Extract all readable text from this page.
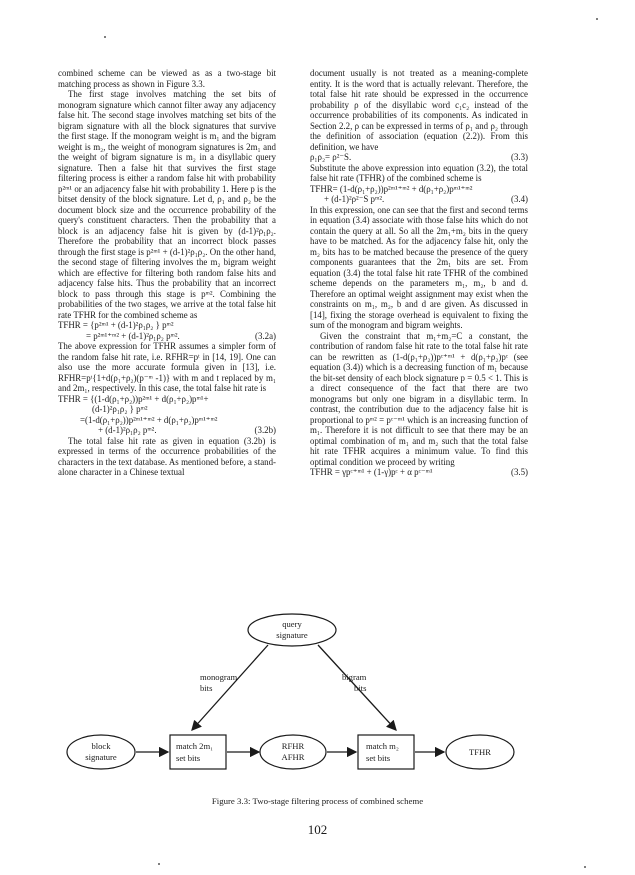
combined scheme can be viewed as as a two-stage bit matching process as shown in Figure 3.3.

The first stage involves matching the set bits of monogram signature which cannot filter away any adjacency false hit. The second stage involves matching set bits of the bigram signature with all the block signatures that survive the first stage. If the monogram weight is m₁ and the bigram weight is m₂, the weight of monogram signatures is 2m₁ and the weight of bigram signature is m₂ in a disyllabic query signature. Then a false hit that survives the first stage filtering process is either a random false hit with probability p²ᵐ¹ or an adjacency false hit with probability 1. Here p is the bitset density of the block signature. Let d, ρ₁ and ρ₂ be the document block size and the occurrence probability of the query's constituent characters. Then the probability that a block is an adjacency false hit is given by (d-1)²ρ₁ρ₂. Therefore the probability that an incorrect block passes through the first stage is p²ᵐ¹ + (d-1)²ρ₁ρ₂. On the other hand, the second stage of filtering involves the m₂ bigram weight which are effective for filtering both random false hits and adjacency false hits. Thus the probability that an incorrect block to pass through this stage is pᵐ². Combining the probabilities of the two stages, we arrive at the total false hit rate TFHR for the combined scheme as

TFHR = {p²ᵐ¹ + (d-1)²ρ₁ρ₂ } pᵐ²

= p²ᵐ¹⁺ᵐ² + (d-1)²ρ₁ρ₂ pᵐ².	(3.2a)

The above expression for TFHR assumes a simpler form of the random false hit rate, i.e. RFHR=pᵗ in [14, 19]. One can also use the more accurate formula given in [13], i.e. RFHR=pᵗ{1+d(ρ₁+ρ₂)(p⁻ᵐ -1)} with m and t replaced by m₁ and 2m₁, respectively. In this case, the total false hit rate is

TFHR = {(1-d(ρ₁+ρ₂))p²ᵐ¹ + d(ρ₁+ρ₂)pᵐ¹+

(d-1)²ρ₁ρ₂ } pᵐ²

=(1-d(ρ₁+ρ₂))p²ᵐ¹⁺ᵐ² + d(ρ₁+ρ₂)pᵐ¹⁺ᵐ²

+ (d-1)²ρ₁ρ₂ pᵐ².	(3.2b)

The total false hit rate as given in equation (3.2b) is expressed in terms of the occurrence probabilities of the characters in the text database. As mentioned before, a stand-alone character in a Chinese textual

document usually is not treated as a meaning-complete entity. It is the word that is actually relevant. Therefore, the total false hit rate should be expressed in the occurrence probability ρ of the disyllabic word c₁c₂ instead of the occurrence probabilities of its components. As indicated in Section 2.2, ρ can be expressed in terms of ρ₁ and ρ₂ through the definition of association (equation (2.2)). From this definition, we have

ρ₁ρ₂= ρ²⁻S.	(3.3)

Substitute the above expression into equation (3.2), the total false hit rate (TFHR) of the combined scheme is

TFHR= (1-d(ρ₁+ρ₂))p²ᵐ¹⁺ᵐ² + d(ρ₁+ρ₂)pᵐ¹⁺ᵐ²

+ (d-1)²ρ²⁻S pᵐ².	(3.4)

In this expression, one can see that the first and second terms in equation (3.4) associate with those false hits which do not contain the query at all. So all the 2m₁+m₂ bits in the query have to be matched. As for the adjacency false hit, only the m₂ bits has to be matched because the presence of the query components guarantees that the 2m₁ bits are set. From equation (3.4) the total false hit rate TFHR of the combined scheme depends on the parameters m₁, m₂, b and d. Therefore an optimal weight assignment may exist when the constraints on m₁, m₂, b and d are given. As discussed in [14], fixing the storage overhead is equivalent to fixing the sum of the monogram and bigram weights.

Given the constraint that m₁+m₂=C a constant, the contribution of random false hit rate to the total false hit rate can be rewritten as (1-d(ρ₁+ρ₂))pᶜ⁺ᵐ¹ + d(ρ₁+ρ₂)pᶜ (see equation (3.4)) which is a decreasing function of m₁ because the bit-set density of each block signature p = 0.5 < 1. This is a direct consequence of the fact that there are two monograms but only one bigram in a disyllabic term. In contrast, the contribution due to the adjacency false hit is proportional to pᵐ² = pᶜ⁻ᵐ¹ which is an increasing function of m₁. Therefore it is not difficult to see that there may be an optimal combination of m₁ and m₂ such that the total false hit rate TFHR acquires a minimum value. To find this optimal condition we proceed by writing

TFHR = γpᶜ⁺ᵐ¹ + (1-γ)pᶜ + α pᶜ⁻ᵐ¹	(3.5)

query
signature
monogram
bits
bigram
bits
block
signature
match 2m₁
set bits
RFHR
AFHR
match m₂
set bits
TFHR
Figure 3.3: Two-stage filtering process of combined scheme
102
